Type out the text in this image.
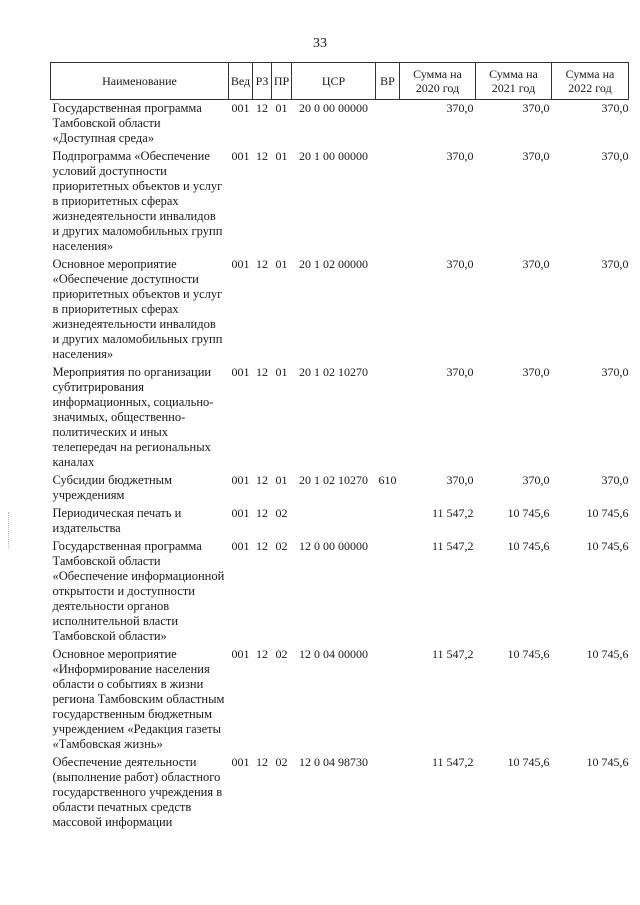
33
Наименование	Вед	РЗ	ПР	ЦСР	ВР	Сумма на 2020 год	Сумма на 2021 год	Сумма на 2022 год
Государственная программа Тамбовской области «Доступная среда»	001	12	01	20 0 00 00000		370,0	370,0	370,0
Подпрограмма «Обеспечение условий доступности приоритетных объектов и услуг в приоритетных сферах жизнедеятельности инвалидов и других маломобильных групп населения»	001	12	01	20 1 00 00000		370,0	370,0	370,0
Основное мероприятие «Обеспечение доступности приоритетных объектов и услуг в приоритетных сферах жизнедеятельности инвалидов и других маломобильных групп населения»	001	12	01	20 1 02 00000		370,0	370,0	370,0
Мероприятия по организации субтитрирования информационных, социально-значимых, общественно-политических и иных телепередач на региональных каналах	001	12	01	20 1 02 10270		370,0	370,0	370,0
Субсидии бюджетным учреждениям	001	12	01	20 1 02 10270	610	370,0	370,0	370,0
Периодическая печать и издательства	001	12	02			11 547,2	10 745,6	10 745,6
Государственная программа Тамбовской области «Обеспечение информационной открытости и доступности деятельности органов исполнительной власти Тамбовской области»	001	12	02	12 0 00 00000		11 547,2	10 745,6	10 745,6
Основное мероприятие «Информирование населения области о событиях в жизни региона Тамбовским областным государственным бюджетным учреждением «Редакция газеты «Тамбовская жизнь»	001	12	02	12 0 04 00000		11 547,2	10 745,6	10 745,6
Обеспечение деятельности (выполнение работ) областного государственного учреждения в области печатных средств массовой информации	001	12	02	12 0 04 98730		11 547,2	10 745,6	10 745,6
